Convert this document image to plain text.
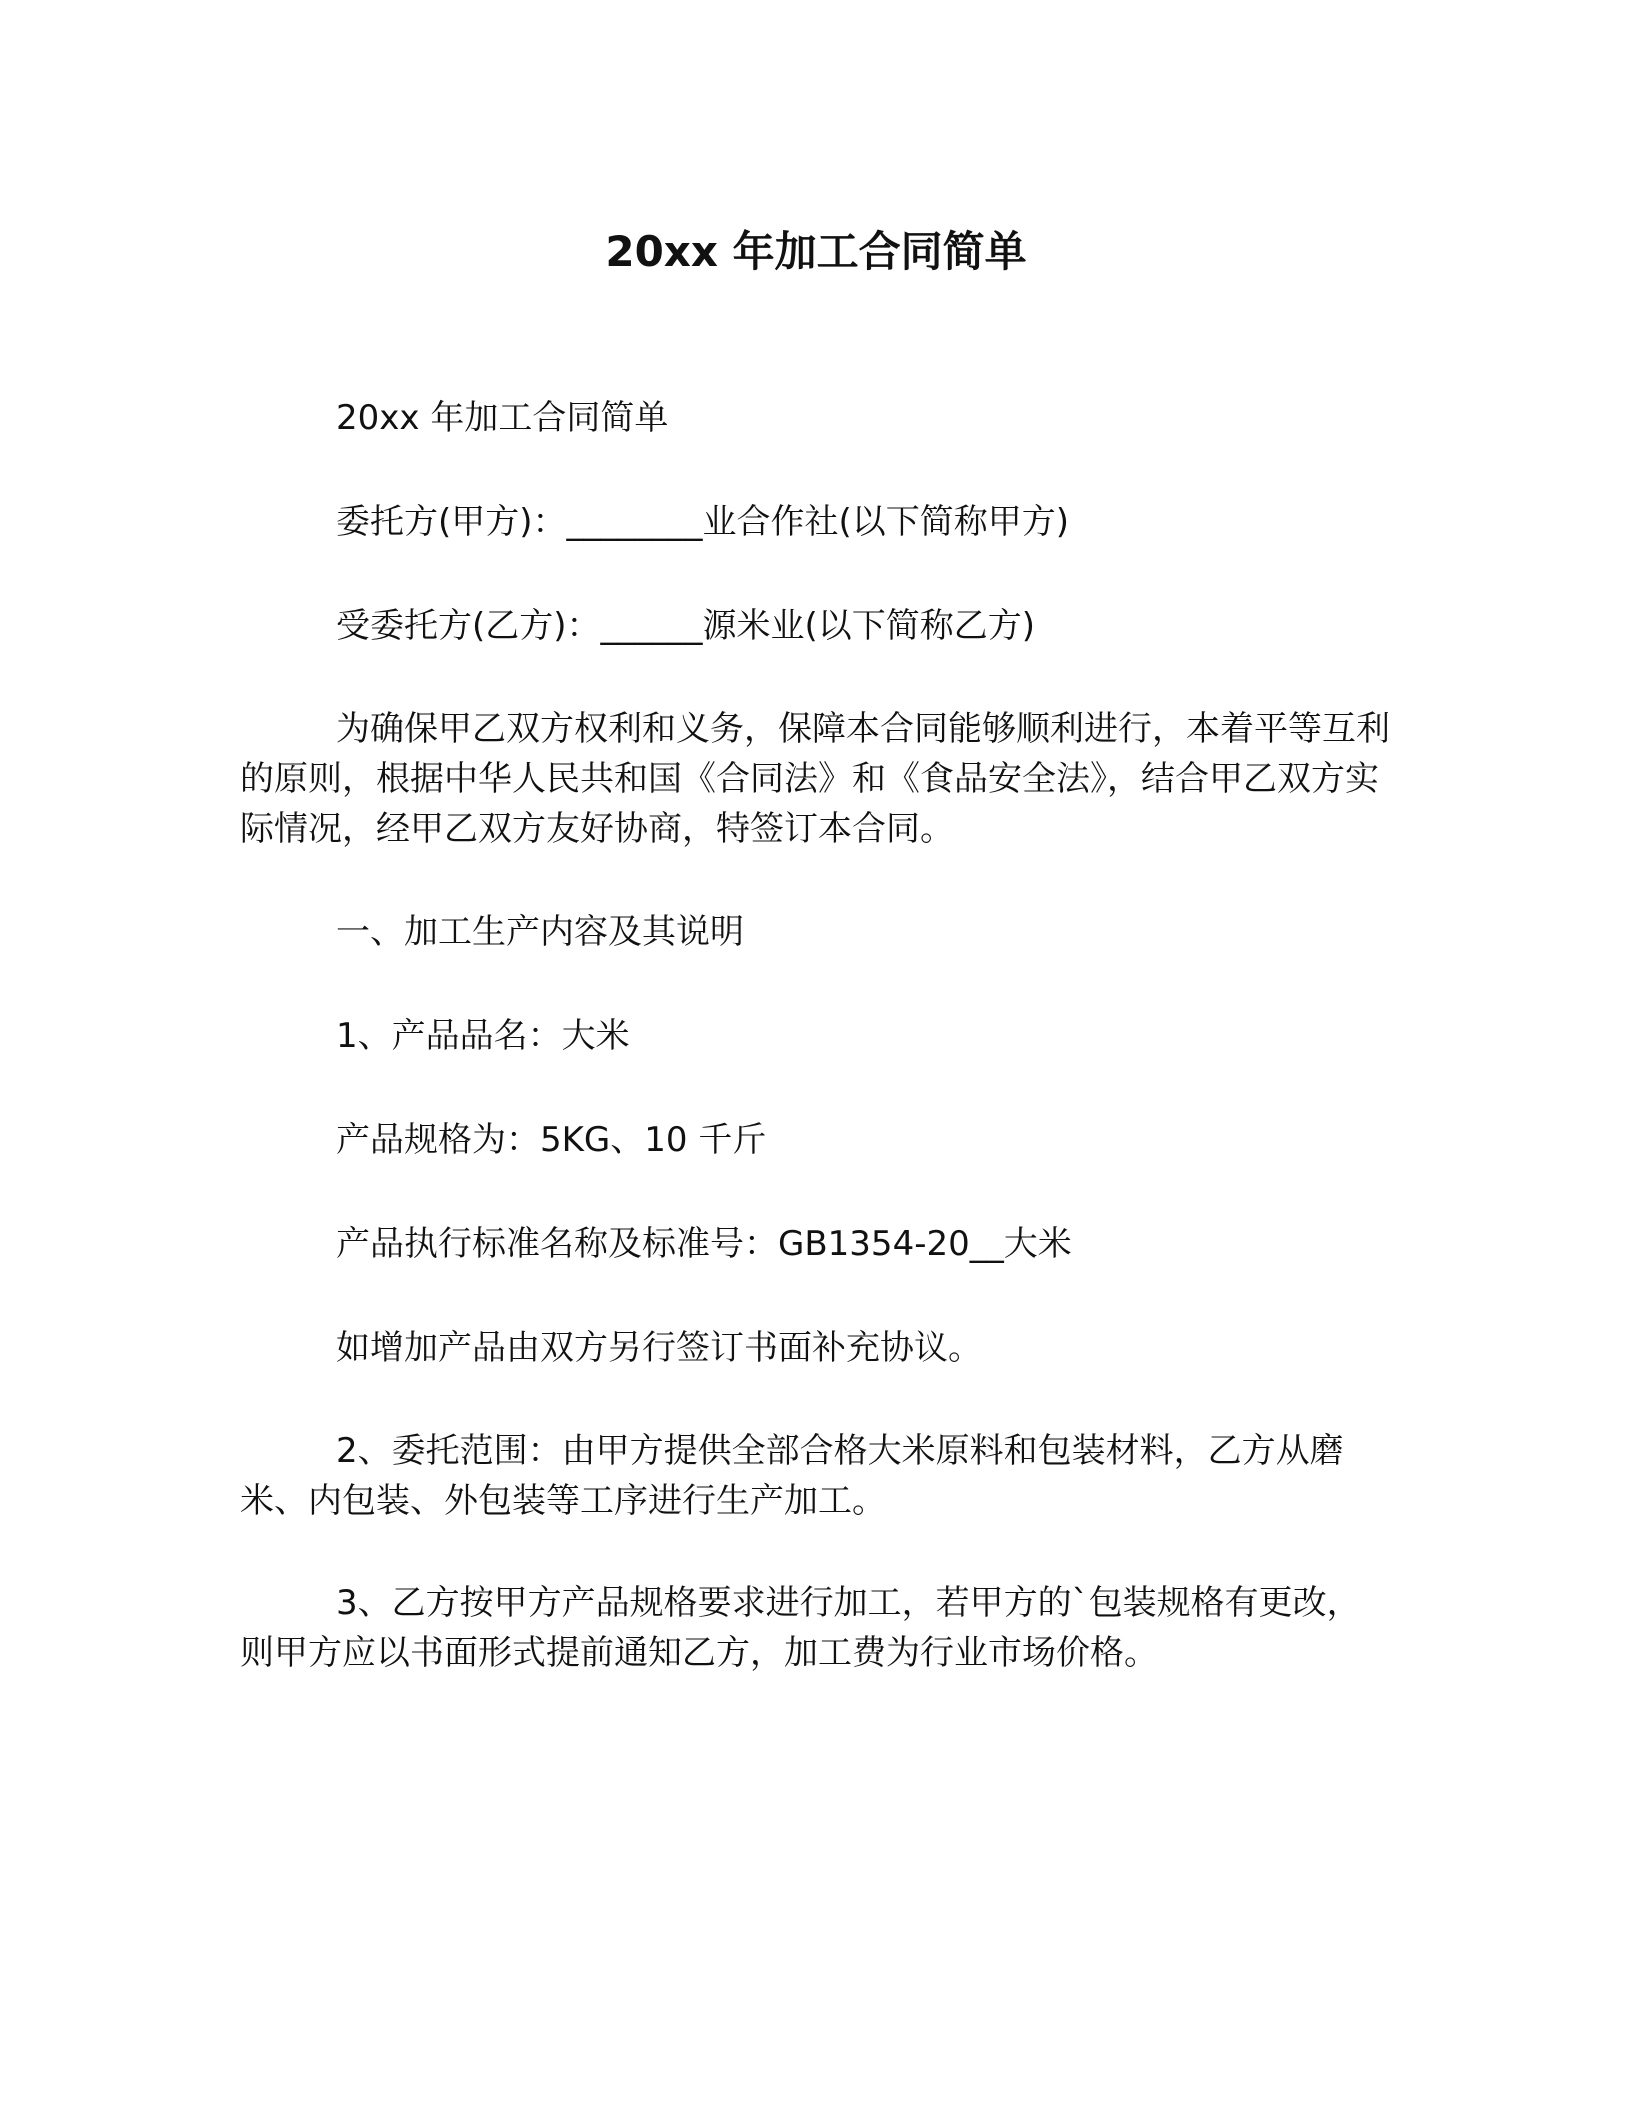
20xx 年加工合同简单

20xx 年加工合同简单

委托方(甲方)：________业合作社(以下简称甲方)

受委托方(乙方)：______源米业(以下简称乙方)

为确保甲乙双方权利和义务，保障本合同能够顺利进行，本着平等互利的原则，根据中华人民共和国《合同法》和《食品安全法》，结合甲乙双方实际情况，经甲乙双方友好协商，特签订本合同。

一、加工生产内容及其说明

1、产品品名：大米

产品规格为：5KG、10 千斤

产品执行标准名称及标准号：GB1354-20__大米

如增加产品由双方另行签订书面补充协议。

2、委托范围：由甲方提供全部合格大米原料和包装材料，乙方从磨米、内包装、外包装等工序进行生产加工。

3、乙方按甲方产品规格要求进行加工，若甲方的`包装规格有更改，则甲方应以书面形式提前通知乙方，加工费为行业市场价格。
